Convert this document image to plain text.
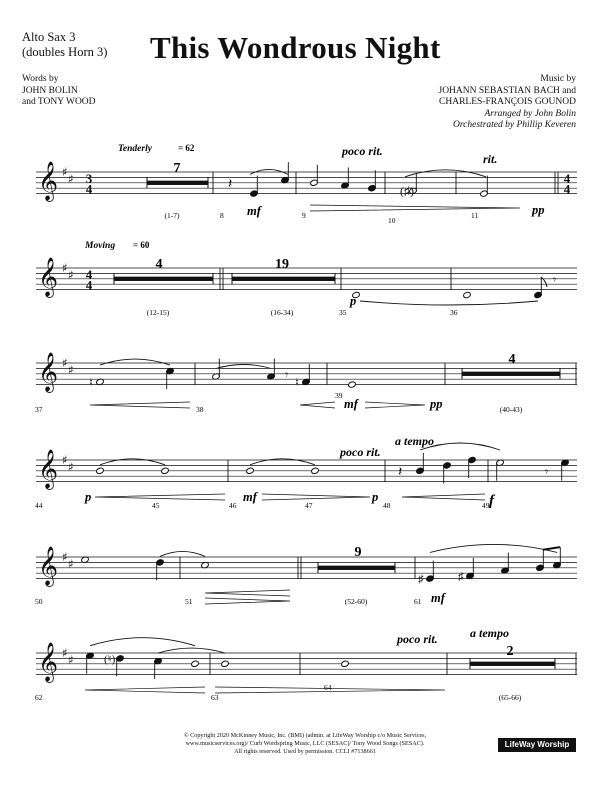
Alto Sax 3
(doubles Horn 3) This Wondrous Night
Words by
JOHN BOLIN
and TONY WOOD
Music by
JOHANN SEBASTIAN BACH and
CHARLES-FRANÇOIS GOUNOD
Arranged by John Bolin
Orchestrated by Phillip Keveren
𝄞 ♯ ♯
𝄞 ♯ ♯
𝄞 ♯ ♯
𝄞 ♯ ♯
𝄞 ♯ ♯
𝄞 ♯ ♯
3
4	𝄽	(♯)
4
4
4
4	𝄾
♮
𝄾
♮
𝄽	𝄾
♯	♯
(♮)
Tenderly	= 62
Moving = 60
poco rit.
rit.
poco rit.
a tempo
poco rit.	a tempo
7
4	19
4
9
2
mf	pp
p
mf	pp
p	mf	p	f
mf
(1-7)	8	9
10
11
(12-15)	(16-34)	35	36
37	38
39
(40-43)
44	45	46	47	48	49
50	51	(52-60)	61
62	63
64
(65-66)
© Copyright 2020 McKinney Music, Inc. (BMI) (admin. at LifeWay Worship c/o Music Services,
www.musicservices.org)/ Curb Wordspring Music, LLC (SESAC)/ Tony Wood Songs (SESAC).
All rights reserved. Used by permission. CCLI #7138661
LifeWay Worship
